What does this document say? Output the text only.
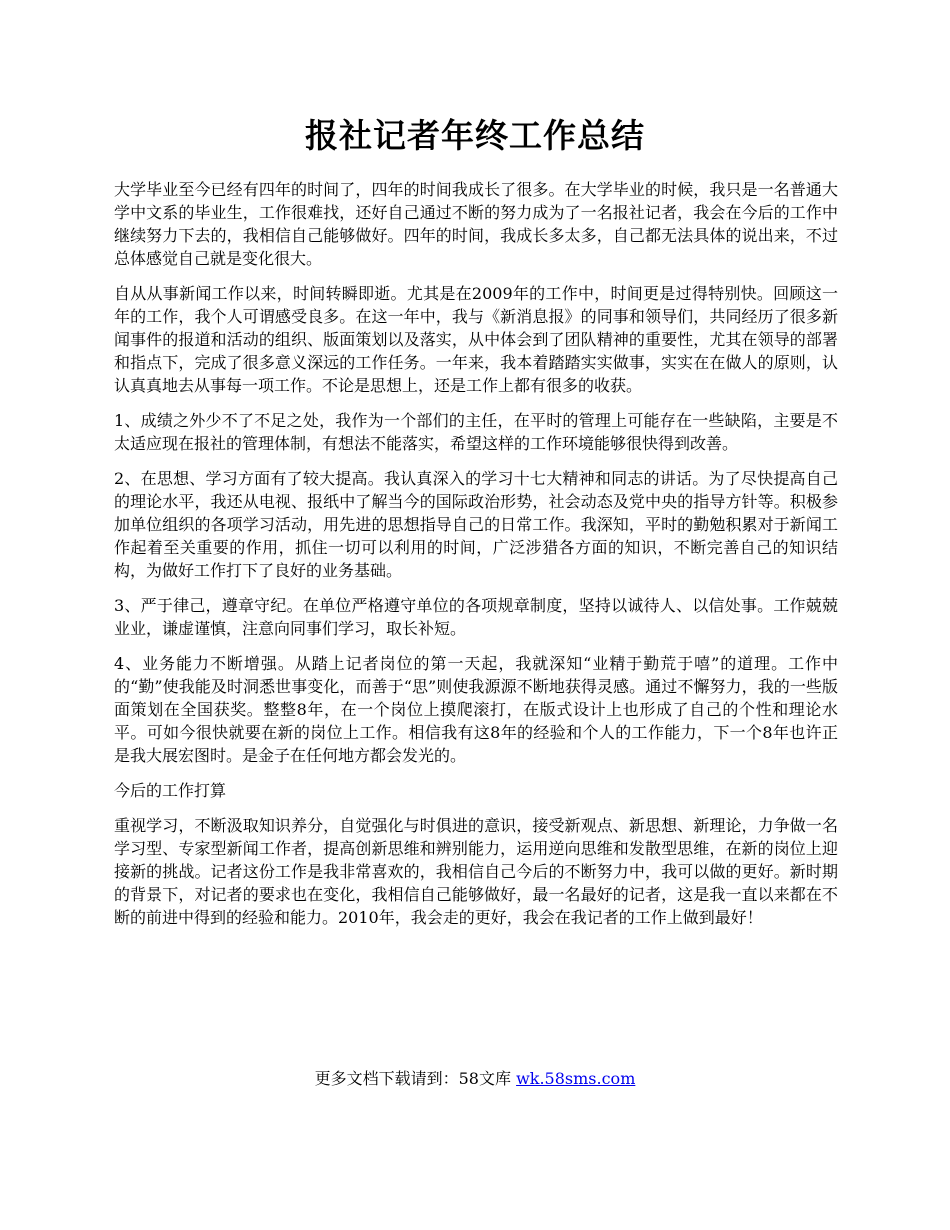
报社记者年终工作总结

大学毕业至今已经有四年的时间了，四年的时间我成长了很多。在大学毕业的时候，我只是一名普通大学中文系的毕业生，工作很难找，还好自己通过不断的努力成为了一名报社记者，我会在今后的工作中继续努力下去的，我相信自己能够做好。四年的时间，我成长多太多，自己都无法具体的说出来，不过总体感觉自己就是变化很大。

自从从事新闻工作以来，时间转瞬即逝。尤其是在2009年的工作中，时间更是过得特别快。回顾这一年的工作，我个人可谓感受良多。在这一年中，我与《新消息报》的同事和领导们，共同经历了很多新闻事件的报道和活动的组织、版面策划以及落实，从中体会到了团队精神的重要性，尤其在领导的部署和指点下，完成了很多意义深远的工作任务。一年来，我本着踏踏实实做事，实实在在做人的原则，认认真真地去从事每一项工作。不论是思想上，还是工作上都有很多的收获。

1、成绩之外少不了不足之处，我作为一个部们的主任，在平时的管理上可能存在一些缺陷，主要是不太适应现在报社的管理体制，有想法不能落实，希望这样的工作环境能够很快得到改善。

2、在思想、学习方面有了较大提高。我认真深入的学习十七大精神和同志的讲话。为了尽快提高自己的理论水平，我还从电视、报纸中了解当今的国际政治形势，社会动态及党中央的指导方针等。积极参加单位组织的各项学习活动，用先进的思想指导自己的日常工作。我深知，平时的勤勉积累对于新闻工作起着至关重要的作用，抓住一切可以利用的时间，广泛涉猎各方面的知识，不断完善自己的知识结构，为做好工作打下了良好的业务基础。

3、严于律己，遵章守纪。在单位严格遵守单位的各项规章制度，坚持以诚待人、以信处事。工作兢兢业业，谦虚谨慎，注意向同事们学习，取长补短。

4、业务能力不断增强。从踏上记者岗位的第一天起，我就深知“业精于勤荒于嘻”的道理。工作中的“勤”使我能及时洞悉世事变化，而善于“思”则使我源源不断地获得灵感。通过不懈努力，我的一些版面策划在全国获奖。整整8年，在一个岗位上摸爬滚打，在版式设计上也形成了自己的个性和理论水平。可如今很快就要在新的岗位上工作。相信我有这8年的经验和个人的工作能力，下一个8年也许正是我大展宏图时。是金子在任何地方都会发光的。

今后的工作打算

重视学习，不断汲取知识养分，自觉强化与时俱进的意识，接受新观点、新思想、新理论，力争做一名学习型、专家型新闻工作者，提高创新思维和辨别能力，运用逆向思维和发散型思维，在新的岗位上迎接新的挑战。记者这份工作是我非常喜欢的，我相信自己今后的不断努力中，我可以做的更好。新时期的背景下，对记者的要求也在变化，我相信自己能够做好，最一名最好的记者，这是我一直以来都在不断的前进中得到的经验和能力。2010年，我会走的更好，我会在我记者的工作上做到最好！

更多文档下载请到：58文库 wk.58sms.com
